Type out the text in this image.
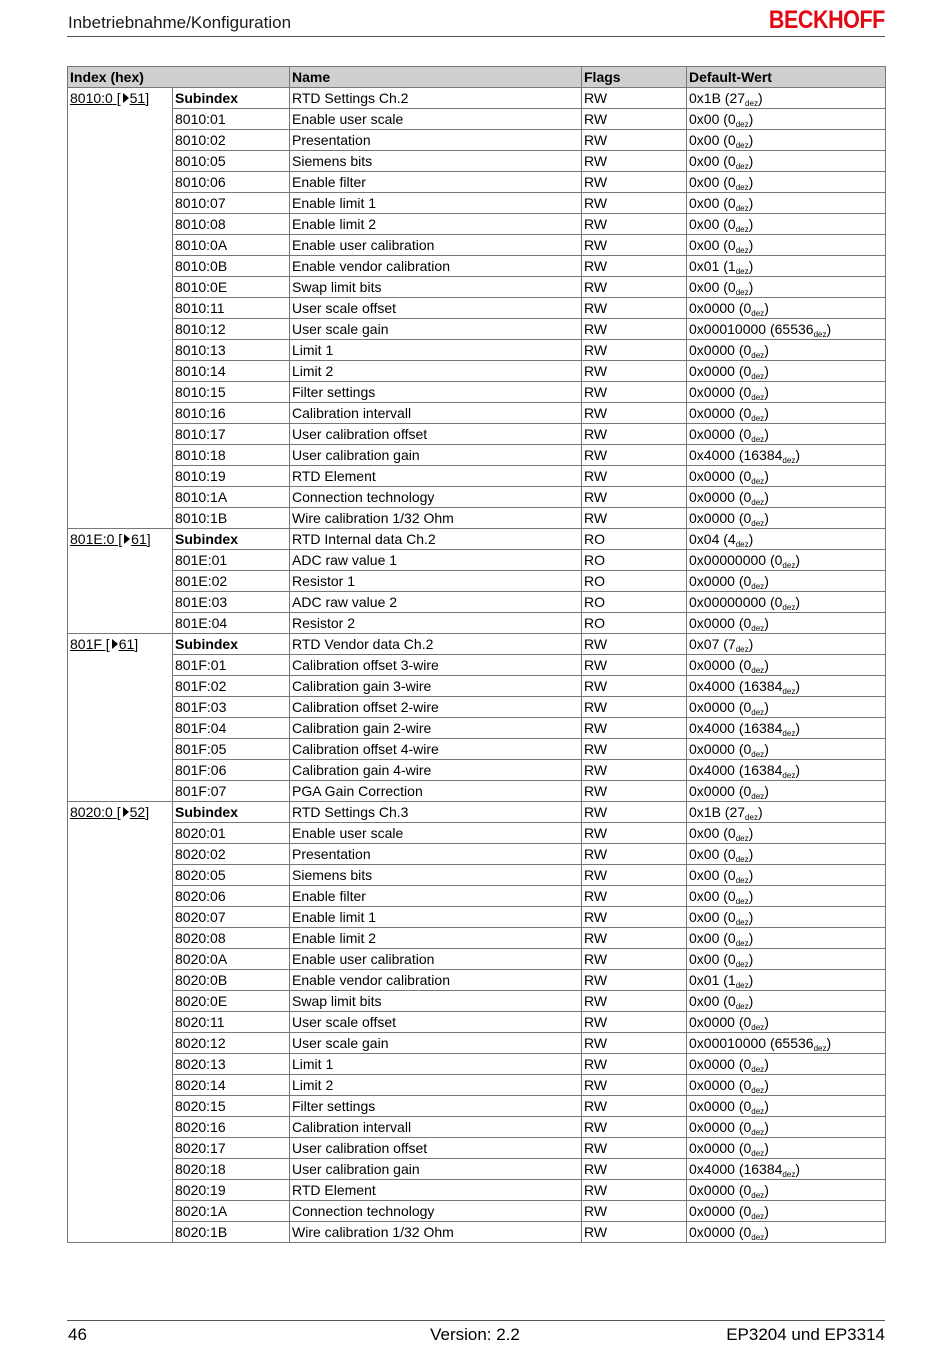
Inbetriebnahme/Konfiguration	BECKHOFF
Index (hex)		Name	Flags	Default-Wert
8010:0 [ 51]	Subindex	RTD Settings Ch.2	RW	0x1B $(27_{dez})$
	8010:01	Enable user scale	RW	0x00 $(0_{dez})$
	8010:02	Presentation	RW	0x00 $(0_{dez})$
	8010:05	Siemens bits	RW	0x00 $(0_{dez})$
	8010:06	Enable filter	RW	0x00 $(0_{dez})$
	8010:07	Enable limit 1	RW	0x00 $(0_{dez})$
	8010:08	Enable limit 2	RW	0x00 $(0_{dez})$
	8010:0A	Enable user calibration	RW	0x00 $(0_{dez})$
	8010:0B	Enable vendor calibration	RW	0x01 $(1_{dez})$
	8010:0E	Swap limit bits	RW	0x00 $(0_{dez})$
	8010:11	User scale offset	RW	0x0000 $(0_{dez})$
	8010:12	User scale gain	RW	0x00010000 $(65536_{dez})$
	8010:13	Limit 1	RW	0x0000 $(0_{dez})$
	8010:14	Limit 2	RW	0x0000 $(0_{dez})$
	8010:15	Filter settings	RW	0x0000 $(0_{dez})$
	8010:16	Calibration intervall	RW	0x0000 $(0_{dez})$
	8010:17	User calibration offset	RW	0x0000 $(0_{dez})$
	8010:18	User calibration gain	RW	0x4000 $(16384_{dez})$
	8010:19	RTD Element	RW	0x0000 $(0_{dez})$
	8010:1A	Connection technology	RW	0x0000 $(0_{dez})$
	8010:1B	Wire calibration 1/32 Ohm	RW	0x0000 $(0_{dez})$
801E:0 [ 61]	Subindex	RTD Internal data Ch.2	RO	0x04 $(4_{dez})$
	801E:01	ADC raw value 1	RO	0x00000000 $(0_{dez})$
	801E:02	Resistor 1	RO	0x0000 $(0_{dez})$
	801E:03	ADC raw value 2	RO	0x00000000 $(0_{dez})$
	801E:04	Resistor 2	RO	0x0000 $(0_{dez})$
801F [ 61]	Subindex	RTD Vendor data Ch.2	RW	0x07 $(7_{dez})$
	801F:01	Calibration offset 3-wire	RW	0x0000 $(0_{dez})$
	801F:02	Calibration gain 3-wire	RW	0x4000 $(16384_{dez})$
	801F:03	Calibration offset 2-wire	RW	0x0000 $(0_{dez})$
	801F:04	Calibration gain 2-wire	RW	0x4000 $(16384_{dez})$
	801F:05	Calibration offset 4-wire	RW	0x0000 $(0_{dez})$
	801F:06	Calibration gain 4-wire	RW	0x4000 $(16384_{dez})$
	801F:07	PGA Gain Correction	RW	0x0000 $(0_{dez})$
8020:0 [ 52]	Subindex	RTD Settings Ch.3	RW	0x1B $(27_{dez})$
	8020:01	Enable user scale	RW	0x00 $(0_{dez})$
	8020:02	Presentation	RW	0x00 $(0_{dez})$
	8020:05	Siemens bits	RW	0x00 $(0_{dez})$
	8020:06	Enable filter	RW	0x00 $(0_{dez})$
	8020:07	Enable limit 1	RW	0x00 $(0_{dez})$
	8020:08	Enable limit 2	RW	0x00 $(0_{dez})$
	8020:0A	Enable user calibration	RW	0x00 $(0_{dez})$
	8020:0B	Enable vendor calibration	RW	0x01 $(1_{dez})$
	8020:0E	Swap limit bits	RW	0x00 $(0_{dez})$
	8020:11	User scale offset	RW	0x0000 $(0_{dez})$
	8020:12	User scale gain	RW	0x00010000 $(65536_{dez})$
	8020:13	Limit 1	RW	0x0000 $(0_{dez})$
	8020:14	Limit 2	RW	0x0000 $(0_{dez})$
	8020:15	Filter settings	RW	0x0000 $(0_{dez})$
	8020:16	Calibration intervall	RW	0x0000 $(0_{dez})$
	8020:17	User calibration offset	RW	0x0000 $(0_{dez})$
	8020:18	User calibration gain	RW	0x4000 $(16384_{dez})$
	8020:19	RTD Element	RW	0x0000 $(0_{dez})$
	8020:1A	Connection technology	RW	0x0000 $(0_{dez})$
	8020:1B	Wire calibration 1/32 Ohm	RW	0x0000 $(0_{dez})$
46	Version: 2.2	EP3204 und EP3314
